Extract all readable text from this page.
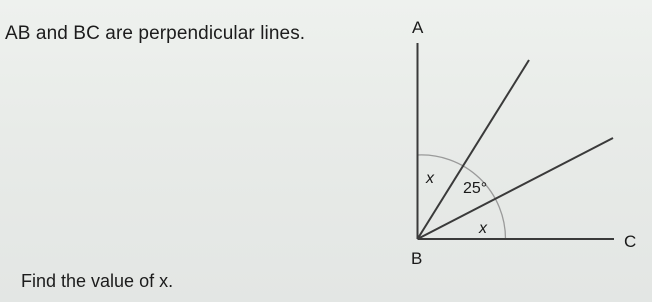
AB and BC are perpendicular lines.	A
B
C
x
25°
x
Find the value of x.
